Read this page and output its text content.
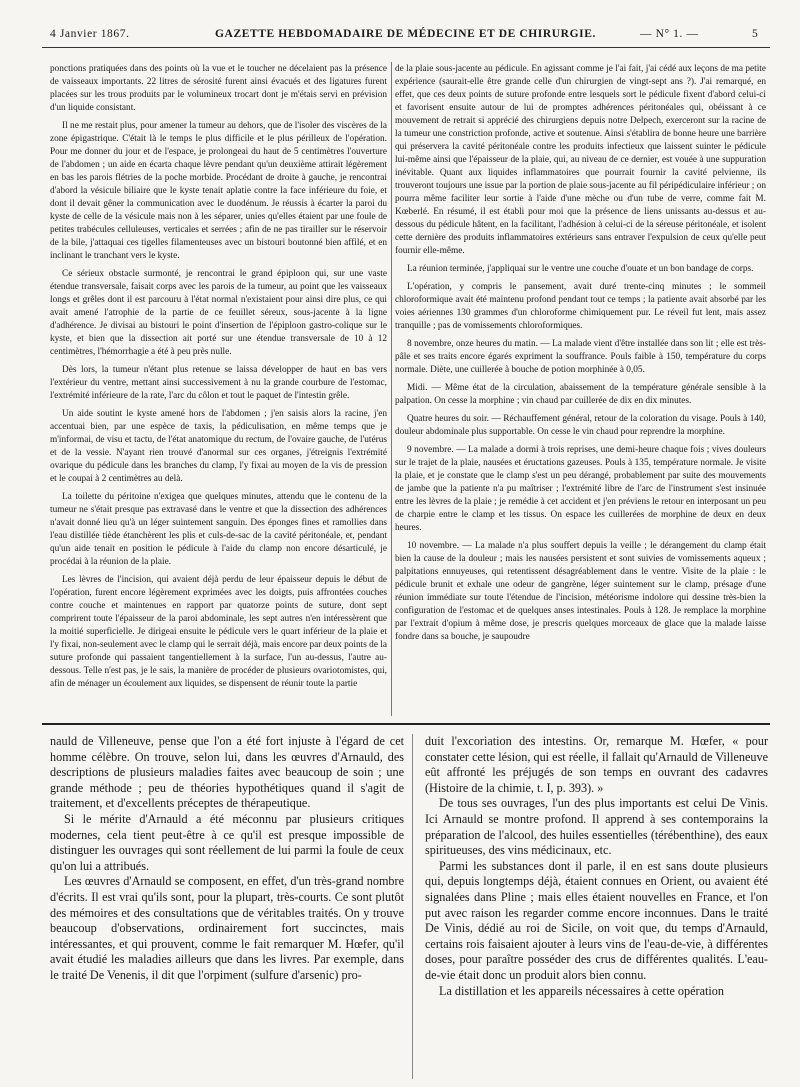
4 Janvier 1867.	GAZETTE HEBDOMADAIRE DE MÉDECINE ET DE CHIRURGIE.	— N° 1. —	5

ponctions pratiquées dans des points où la vue et le toucher ne décelaient pas la présence de vaisseaux importants. 22 litres de sérosité furent ainsi évacués et des ligatures furent placées sur les trous produits par le volumineux trocart dont je m'étais servi en prévision d'un liquide consistant.

Il ne me restait plus, pour amener la tumeur au dehors, que de l'isoler des viscères de la zone épigastrique. C'était là le temps le plus difficile et le plus périlleux de l'opération. Pour me donner du jour et de l'espace, je prolongeai du haut de 5 centimètres l'ouverture de l'abdomen ; un aide en écarta chaque lèvre pendant qu'un deuxième attirait légèrement en bas les parois flétries de la poche morbide. Procédant de droite à gauche, je rencontrai d'abord la vésicule biliaire que le kyste tenait aplatie contre la face inférieure du foie, et dont il devait gêner la communication avec le duodénum. Je réussis à écarter la paroi du kyste de celle de la vésicule mais non à les séparer, unies qu'elles étaient par une foule de petites trabécules celluleuses, verticales et serrées ; afin de ne pas tirailler sur le réservoir de la bile, j'attaquai ces tigelles filamenteuses avec un bistouri boutonné bien affilé, et en inclinant le tranchant vers le kyste.

Ce sérieux obstacle surmonté, je rencontrai le grand épiploon qui, sur une vaste étendue transversale, faisait corps avec les parois de la tumeur, au point que les vaisseaux longs et grêles dont il est parcouru à l'état normal n'existaient pour ainsi dire plus, ce qui avait amené l'atrophie de la partie de ce feuillet séreux, sous-jacente à la ligne d'adhérence. Je divisai au bistouri le point d'insertion de l'épiploon gastro-colique sur le kyste, et bien que la dissection ait porté sur une étendue transversale de 10 à 12 centimètres, l'hémorrhagie a été à peu près nulle.

Dès lors, la tumeur n'étant plus retenue se laissa développer de haut en bas vers l'extérieur du ventre, mettant ainsi successivement à nu la grande courbure de l'estomac, l'extrémité inférieure de la rate, l'arc du côlon et tout le paquet de l'intestin grêle.

Un aide soutint le kyste amené hors de l'abdomen ; j'en saisis alors la racine, j'en accentuai bien, par une espèce de taxis, la pédiculisation, en même temps que je m'informai, de visu et tactu, de l'état anatomique du rectum, de l'ovaire gauche, de l'utérus et de la vessie. N'ayant rien trouvé d'anormal sur ces organes, j'étreignis l'extrémité ovarique du pédicule dans les branches du clamp, l'y fixai au moyen de la vis de pression et le coupai à 2 centimètres au delà.

La toilette du péritoine n'exigea que quelques minutes, attendu que le contenu de la tumeur ne s'était presque pas extravasé dans le ventre et que la dissection des adhérences n'avait donné lieu qu'à un léger suintement sanguin. Des éponges fines et ramollies dans l'eau distillée tiède étanchèrent les plis et culs-de-sac de la cavité péritonéale, et, pendant qu'un aide tenait en position le pédicule à l'aide du clamp non encore désarticulé, je procédai à la réunion de la plaie.

Les lèvres de l'incision, qui avaient déjà perdu de leur épaisseur depuis le début de l'opération, furent encore légèrement exprimées avec les doigts, puis affrontées couches contre couche et maintenues en rapport par quatorze points de suture, dont sept comprirent toute l'épaisseur de la paroi abdominale, les sept autres n'en intéressèrent que la moitié superficielle. Je dirigeai ensuite le pédicule vers le quart inférieur de la plaie et l'y fixai, non-seulement avec le clamp qui le serrait déjà, mais encore par deux points de la suture profonde qui passaient tangentiellement à la surface, l'un au-dessus, l'autre au-dessous. Telle n'est pas, je le sais, la manière de procéder de plusieurs ovariotomistes, qui, afin de ménager un écoulement aux liquides, se dispensent de réunir toute la partie

de la plaie sous-jacente au pédicule. En agissant comme je l'ai fait, j'ai cédé aux leçons de ma petite expérience (saurait-elle être grande celle d'un chirurgien de vingt-sept ans ?). J'ai remarqué, en effet, que ces deux points de suture profonde entre lesquels sort le pédicule fixent d'abord celui-ci et favorisent ensuite autour de lui de promptes adhérences péritonéales qui, obéissant à ce mouvement de retrait si apprécié des chirurgiens depuis notre Delpech, exerceront sur la racine de la tumeur une constriction profonde, active et soutenue. Ainsi s'établira de bonne heure une barrière qui préservera la cavité péritonéale contre les produits infectieux que laissent suinter le pédicule lui-même ainsi que l'épaisseur de la plaie, qui, au niveau de ce dernier, est vouée à une suppuration inévitable. Quant aux liquides inflammatoires que pourrait fournir la cavité pelvienne, ils trouveront toujours une issue par la portion de plaie sous-jacente au fil péripédiculaire inférieur ; on pourra même faciliter leur sortie à l'aide d'une mèche ou d'un tube de verre, comme fait M. Kœberlé. En résumé, il est établi pour moi que la présence de liens unissants au-dessus et au-dessous du pédicule hâtent, en la facilitant, l'adhésion à celui-ci de la séreuse péritonéale, et isolent cette dernière des produits inflammatoires extérieurs sans entraver l'expulsion de ceux qu'elle peut fournir elle-même.

La réunion terminée, j'appliquai sur le ventre une couche d'ouate et un bon bandage de corps.

L'opération, y compris le pansement, avait duré trente-cinq minutes ; le sommeil chloroformique avait été maintenu profond pendant tout ce temps ; la patiente avait absorbé par les voies aériennes 130 grammes d'un chloroforme chimiquement pur. Le réveil fut lent, mais assez tranquille ; pas de vomissements chloroformiques.

8 novembre, onze heures du matin. — La malade vient d'être installée dans son lit ; elle est très-pâle et ses traits encore égarés expriment la souffrance. Pouls faible à 150, température du corps normale. Diète, une cuillerée à bouche de potion morphinée à 0,05.

Midi. — Même état de la circulation, abaissement de la température générale sensible à la palpation. On cesse la morphine ; vin chaud par cuillerée de dix en dix minutes.

Quatre heures du soir. — Réchauffement général, retour de la coloration du visage. Pouls à 140, douleur abdominale plus supportable. On cesse le vin chaud pour reprendre la morphine.

9 novembre. — La malade a dormi à trois reprises, une demi-heure chaque fois ; vives douleurs sur le trajet de la plaie, nausées et éructations gazeuses. Pouls à 135, température normale. Je visite la plaie, et je constate que le clamp s'est un peu dérangé, probablement par suite des mouvements de jambe que la patiente n'a pu maîtriser ; l'extrémité libre de l'arc de l'instrument s'est insinuée entre les lèvres de la plaie ; je remédie à cet accident et j'en préviens le retour en interposant un peu de charpie entre le clamp et les tissus. On espace les cuillerées de morphine de deux en deux heures.

10 novembre. — La malade n'a plus souffert depuis la veille ; le dérangement du clamp était bien la cause de la douleur ; mais les nausées persistent et sont suivies de vomissements aqueux ; palpitations ennuyeuses, qui retentissent désagréablement dans le ventre. Visite de la plaie : le pédicule brunit et exhale une odeur de gangrène, léger suintement sur le clamp, présage d'une réunion immédiate sur toute l'étendue de l'incision, météorisme indolore qui dessine très-bien la configuration de l'estomac et de quelques anses intestinales. Pouls à 128. Je remplace la morphine par l'extrait d'opium à même dose, je prescris quelques morceaux de glace que la malade laisse fondre dans sa bouche, je saupoudre

nauld de Villeneuve, pense que l'on a été fort injuste à l'égard de cet homme célèbre. On trouve, selon lui, dans les œuvres d'Arnauld, des descriptions de plusieurs maladies faites avec beaucoup de soin ; une grande méthode ; peu de théories hypothétiques quand il s'agit de traitement, et d'excellents préceptes de thérapeutique.

Si le mérite d'Arnauld a été méconnu par plusieurs critiques modernes, cela tient peut-être à ce qu'il est presque impossible de distinguer les ouvrages qui sont réellement de lui parmi la foule de ceux qu'on lui a attribués.

Les œuvres d'Arnauld se composent, en effet, d'un très-grand nombre d'écrits. Il est vrai qu'ils sont, pour la plupart, très-courts. Ce sont plutôt des mémoires et des consultations que de véritables traités. On y trouve beaucoup d'observations, ordinairement fort succinctes, mais intéressantes, et qui prouvent, comme le fait remarquer M. Hœfer, qu'il avait étudié les maladies ailleurs que dans les livres. Par exemple, dans le traité De Venenis, il dit que l'orpiment (sulfure d'arsenic) pro-

duit l'excoriation des intestins. Or, remarque M. Hœfer, « pour constater cette lésion, qui est réelle, il fallait qu'Arnauld de Villeneuve eût affronté les préjugés de son temps en ouvrant des cadavres (Histoire de la chimie, t. I, p. 393). »

De tous ses ouvrages, l'un des plus importants est celui De Vinis. Ici Arnauld se montre profond. Il apprend à ses contemporains la préparation de l'alcool, des huiles essentielles (térébenthine), des eaux spiritueuses, des vins médicinaux, etc.

Parmi les substances dont il parle, il en est sans doute plusieurs qui, depuis longtemps déjà, étaient connues en Orient, ou avaient été signalées dans Pline ; mais elles étaient nouvelles en France, et l'on put avec raison les regarder comme encore inconnues. Dans le traité De Vinis, dédié au roi de Sicile, on voit que, du temps d'Arnauld, certains rois faisaient ajouter à leurs vins de l'eau-de-vie, à différentes doses, pour paraître posséder des crus de différentes qualités. L'eau-de-vie était donc un produit alors bien connu.

La distillation et les appareils nécessaires à cette opération
